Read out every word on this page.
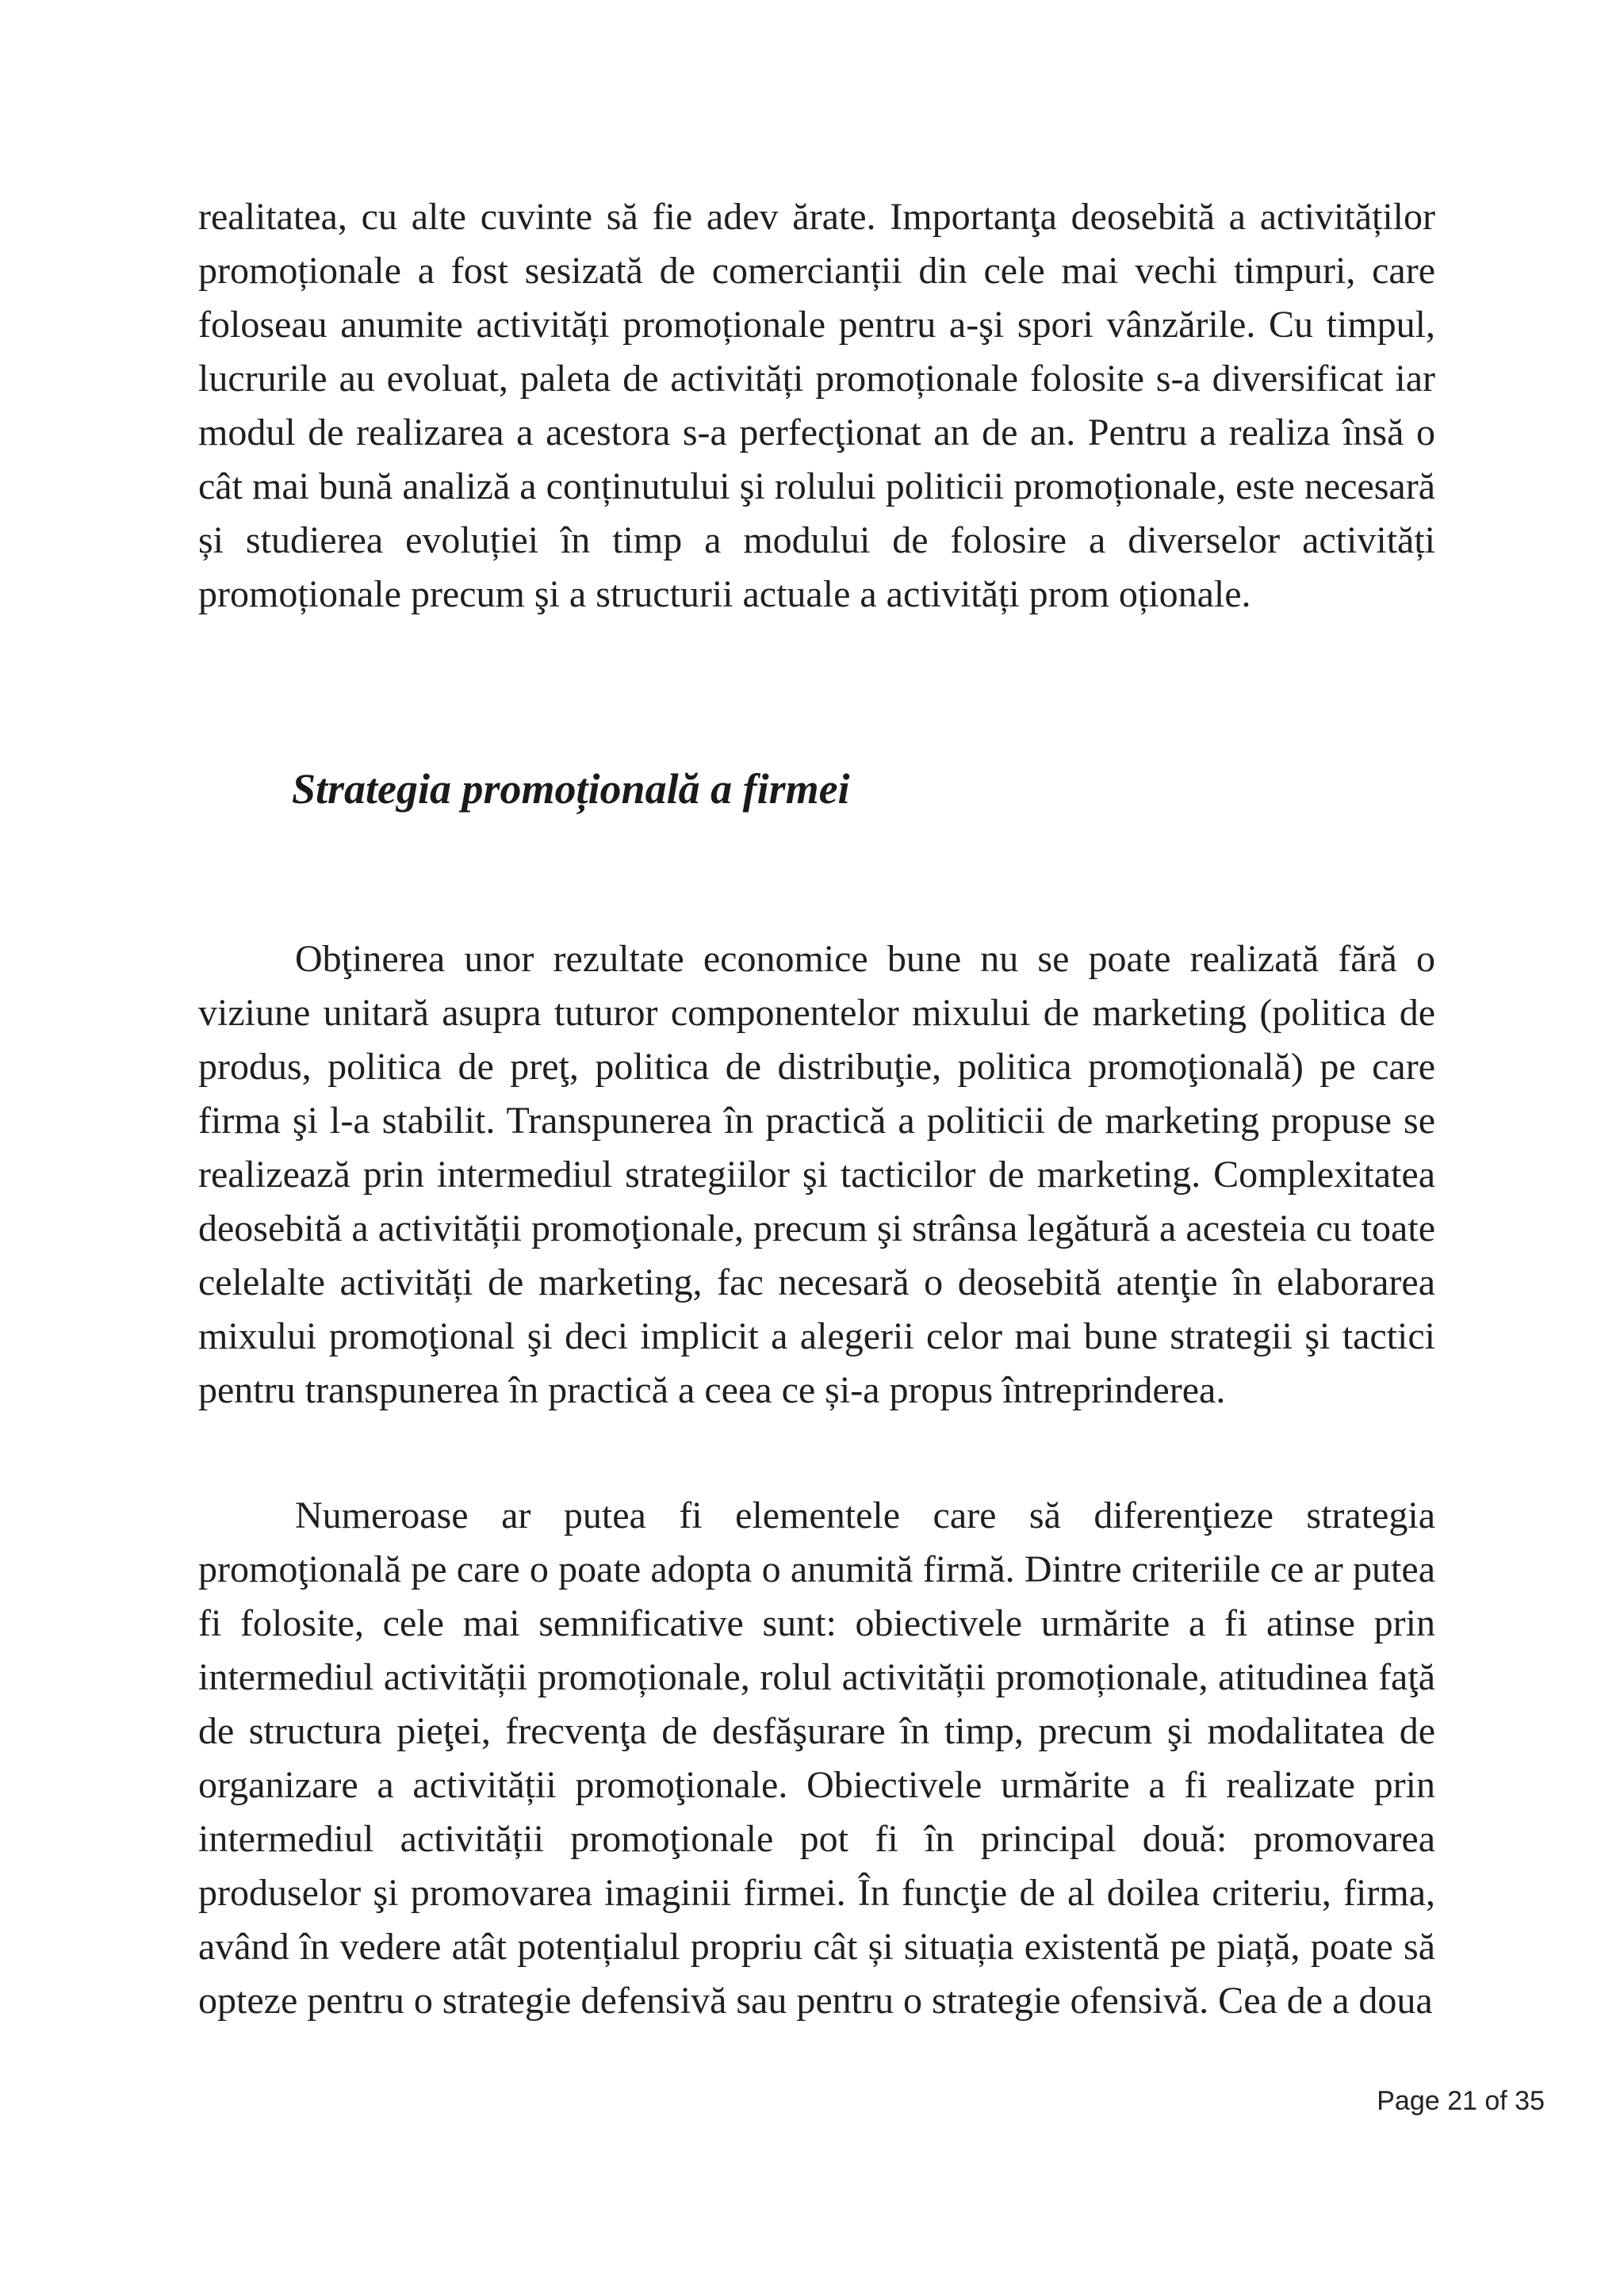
realitatea, cu alte cuvinte să fie adev ărate. Importanţa deosebită a activităților promoționale a fost sesizată de comercianții din cele mai vechi timpuri, care foloseau anumite activități promoționale pentru a-şi spori vânzările. Cu timpul, lucrurile au evoluat, paleta de activități promoționale folosite s-a diversificat iar modul de realizarea a acestora s-a perfecţionat an de an. Pentru a realiza însă o cât mai bună analiză a conținutului şi rolului politicii promoționale, este necesară și studierea evoluției în timp a modului de folosire a diverselor activități promoționale precum şi a structurii actuale a activități prom oționale.

Strategia promoțională a firmei

Obţinerea unor rezultate economice bune nu se poate realizată fără o viziune unitară asupra tuturor componentelor mixului de marketing (politica de produs, politica de preţ, politica de distribuţie, politica promoţională) pe care firma şi l-a stabilit. Transpunerea în practică a politicii de marketing propuse se realizează prin intermediul strategiilor şi tacticilor de marketing. Complexitatea deosebită a activității promoţionale, precum şi strânsa legătură a acesteia cu toate celelalte activități de marketing, fac necesară o deosebită atenţie în elaborarea mixului promoţional şi deci implicit a alegerii celor mai bune strategii şi tactici pentru transpunerea în practică a ceea ce și-a propus întreprinderea.

Numeroase ar putea fi elementele care să diferenţieze strategia promoţională pe care o poate adopta o anumită firmă. Dintre criteriile ce ar putea fi folosite, cele mai semnificative sunt: obiectivele urmărite a fi atinse prin intermediul activității promoționale, rolul activității promoționale, atitudinea faţă de structura pieţei, frecvenţa de desfăşurare în timp, precum şi modalitatea de organizare a activității promoţionale. Obiectivele urmărite a fi realizate prin intermediul activității promoţionale pot fi în principal două: promovarea produselor şi promovarea imaginii firmei. În funcţie de al doilea criteriu, firma, având în vedere atât potențialul propriu cât și situația existentă pe piață, poate să opteze pentru o strategie defensivă sau pentru o strategie ofensivă. Cea de a doua

Page 21 of 35
